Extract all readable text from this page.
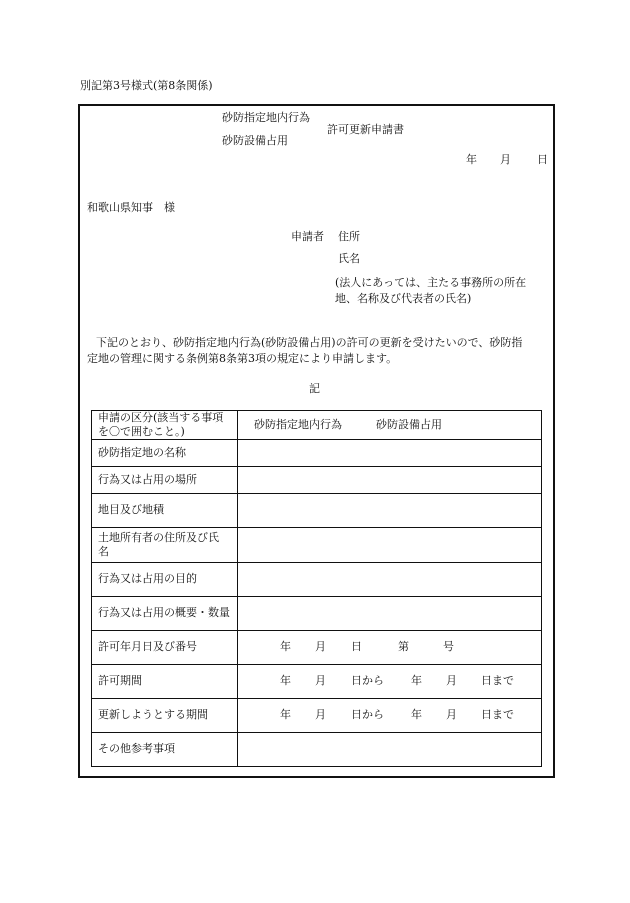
別記第3号様式(第8条関係)
砂防指定地内行為
砂防設備占用
許可更新申請書
年 月 日
和歌山県知事　様
申請者 住所
氏名
(法人にあっては、主たる事務所の所在
地、名称及び代表者の氏名)
下記のとおり、砂防指定地内行為(砂防設備占用)の許可の更新を受けたいので、砂防指
定地の管理に関する条例第8条第3項の規定により申請します。
記
申請の区分(該当する事項
を〇で囲むこと。)	砂防指定地内行為 砂防設備占用
砂防指定地の名称	
行為又は占用の場所	
地目及び地積	

土地所有者の住所及び氏
名	

行為又は占用の目的	
行為又は占用の概要・数量	
許可年月日及び番号	年 月 日 第 号
許可期間	年 月 日から 年 月 日まで
更新しようとする期間	年 月 日から 年 月 日まで
その他参考事項	
